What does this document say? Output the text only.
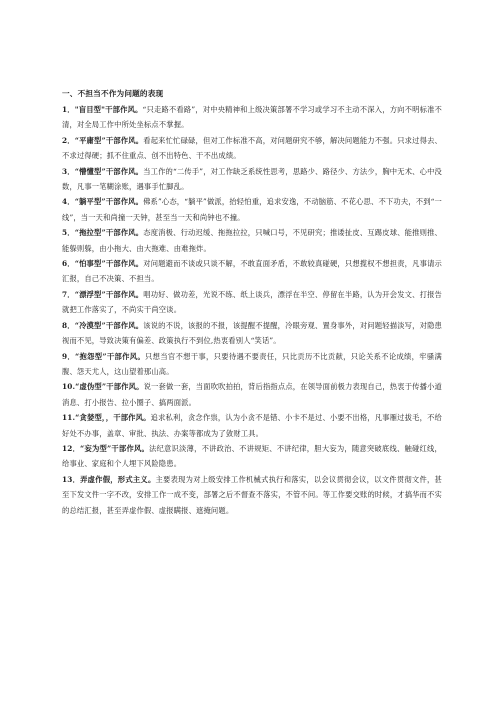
一、不担当不作为问题的表现

1．"盲目型"干部作风。“只走路不看路”，对中央精神和上级决策部署不学习或学习不主动不深入，方向不明标准不清，对全局工作中所处坐标点不掌握。

2．“平庸型”干部作风。看起来忙忙碌碌，但对工作标准不高，对问题研究不够，解决问题能力不强。只求过得去、不求过得硬；抓不住重点、创不出特色、干不出成绩。

3．“懵懂型”干部作风。当工作的“二传手”，对工作缺乏系统性思考，思路少、路径少、方法少，胸中无术、心中没数，凡事一笔糊涂账，遇事手忙脚乱。

4．“躺平型”干部作风。佛系”心态，“躺平”做派，抬轻怕重，追求安逸，不动脑筋、不花心思、不下功夫，不到“一线”，当一天和尚撞一天钟，甚至当一天和尚钟也不撞。

5．“拖拉型”干部作风。态度消极、行动迟缓、拖拖拉拉，只喊口号，不见研究；推诿扯皮、互踢皮球、能推则推、能躲则躲，由小拖大、由大拖难、由难拖炸。

6．“怕事型”干部作风。对问题避而不谈或只谈不解，不敢直面矛盾，不敢较真碰硬，只想揽权不想担责，凡事请示汇报，自己不决策、不担当。

7．“漂浮型”干部作风。唱功好、做功差，光说不练、纸上谈兵，漂浮在半空、停留在半路，认为开会发文、打报告就把工作落实了，不尚实干尚空谈。

8．“冷漠型”干部作风。该说的不说，该报的不报，该提醒不提醒，冷眼旁观、置身事外，对问题轻描淡写，对隐患视而不见，导致决策有偏差、政策执行不到位,热衷看别人“笑话”。

9．“抱怨型”干部作风。只想当官不想干事，只要待遇不要责任，只比贡历不比贡献，只论关系不论成绩，牢骚满腹、怨天尤人，这山望着那山高。

10.“虚伪型”干部作风。说一套做一套，当面吹吹拍拍，背后指指点点，在领导面前极力表现自己，热衷于传播小道消息、打小报告、拉小圈子、搞两面派。

11.“贪婪型，，干部作风。追求私利，贪念作祟，认为小贪不是错、小卡不是过、小要不出格，凡事雁过拔毛，不给好处不办事，盖章、审批、执法、办案等都成为了敛财工具。

12．“妄为型”干部作风。法纪意识淡薄，不讲政治、不讲规矩、不讲纪律，胆大妄为，随意突破底线、触碰红线，给事业、家庭和个人埋下风险隐患。

13．弄虚作假，形式主义。主要表现为对上级安排工作机械式执行和落实，以会议贯彻会议，以文件贯彻文件，甚至下发文件一字不改，安排工作一成不变，部署之后不督查不落实，不管不问。等工作要交账的时候，才搞华而不实的总结汇报，甚至弄虚作假、虚报瞒报、遮掩问题。
